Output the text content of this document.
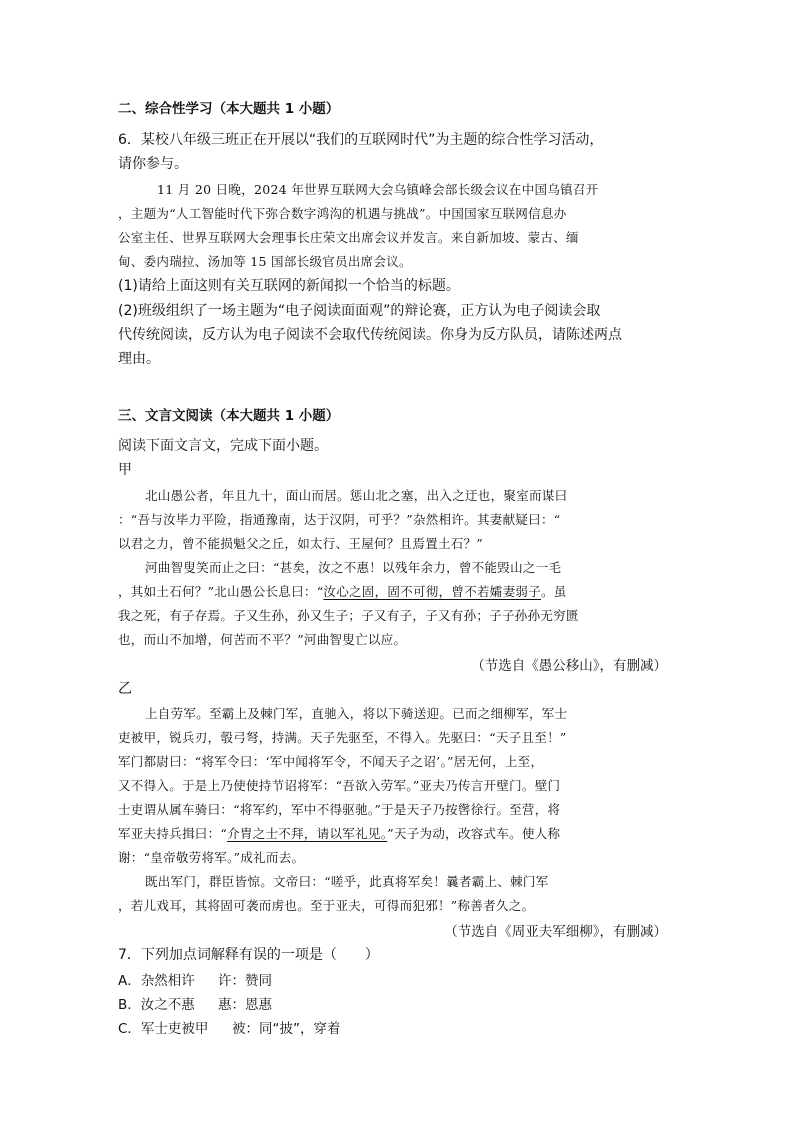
二、综合性学习（本大题共 1 小题）

6．某校八年级三班正在开展以“我们的互联网时代”为主题的综合性学习活动，

请你参与。

11 月 20 日晚，2024 年世界互联网大会乌镇峰会部长级会议在中国乌镇召开

，主题为“人工智能时代下弥合数字鸿沟的机遇与挑战”。中国国家互联网信息办

公室主任、世界互联网大会理事长庄荣文出席会议并发言。来自新加坡、蒙古、缅

甸、委内瑞拉、汤加等 15 国部长级官员出席会议。

(1)请给上面这则有关互联网的新闻拟一个恰当的标题。

(2)班级组织了一场主题为“电子阅读面面观”的辩论赛，正方认为电子阅读会取

代传统阅读，反方认为电子阅读不会取代传统阅读。你身为反方队员，请陈述两点

理由。

三、文言文阅读（本大题共 1 小题）

阅读下面文言文，完成下面小题。

甲

北山愚公者，年且九十，面山而居。惩山北之塞，出入之迂也，聚室而谋曰

：“吾与汝毕力平险，指通豫南，达于汉阴，可乎？”杂然相许。其妻献疑曰：“

以君之力，曾不能损魁父之丘，如太行、王屋何？且焉置土石？”

河曲智叟笑而止之曰：“甚矣，汝之不惠！以残年余力，曾不能毁山之一毛

，其如土石何？”北山愚公长息曰：“汝心之固，固不可彻，曾不若孀妻弱子。虽

我之死，有子存焉。子又生孙，孙又生子；子又有子，子又有孙；子子孙孙无穷匮

也，而山不加增，何苦而不平？”河曲智叟亡以应。

（节选自《愚公移山》，有删减）

乙

上自劳军。至霸上及棘门军，直驰入，将以下骑送迎。已而之细柳军，军士

吏被甲，锐兵刃，彀弓弩，持满。天子先驱至，不得入。先驱曰：“天子且至！”

军门都尉曰：“将军令曰：‘军中闻将军令，不闻天子之诏’。”居无何，上至，

又不得入。于是上乃使使持节诏将军：“吾欲入劳军。”亚夫乃传言开壁门。壁门

士吏谓从属车骑曰：“将军约，军中不得驱驰。”于是天子乃按辔徐行。至营，将

军亚夫持兵揖曰：“介胄之士不拜，请以军礼见。”天子为动，改容式车。使人称

谢：“皇帝敬劳将军。”成礼而去。

既出军门，群臣皆惊。文帝曰：“嗟乎，此真将军矣！曩者霸上、棘门军

，若儿戏耳，其将固可袭而虏也。至于亚夫，可得而犯邪！”称善者久之。

（节选自《周亚夫军细柳》，有删减）

7．下列加点词解释有误的一项是（　　）

A．杂然相许 许：赞同

B．汝之不惠 惠：恩惠

C．军士吏被甲 被：同“披”，穿着
